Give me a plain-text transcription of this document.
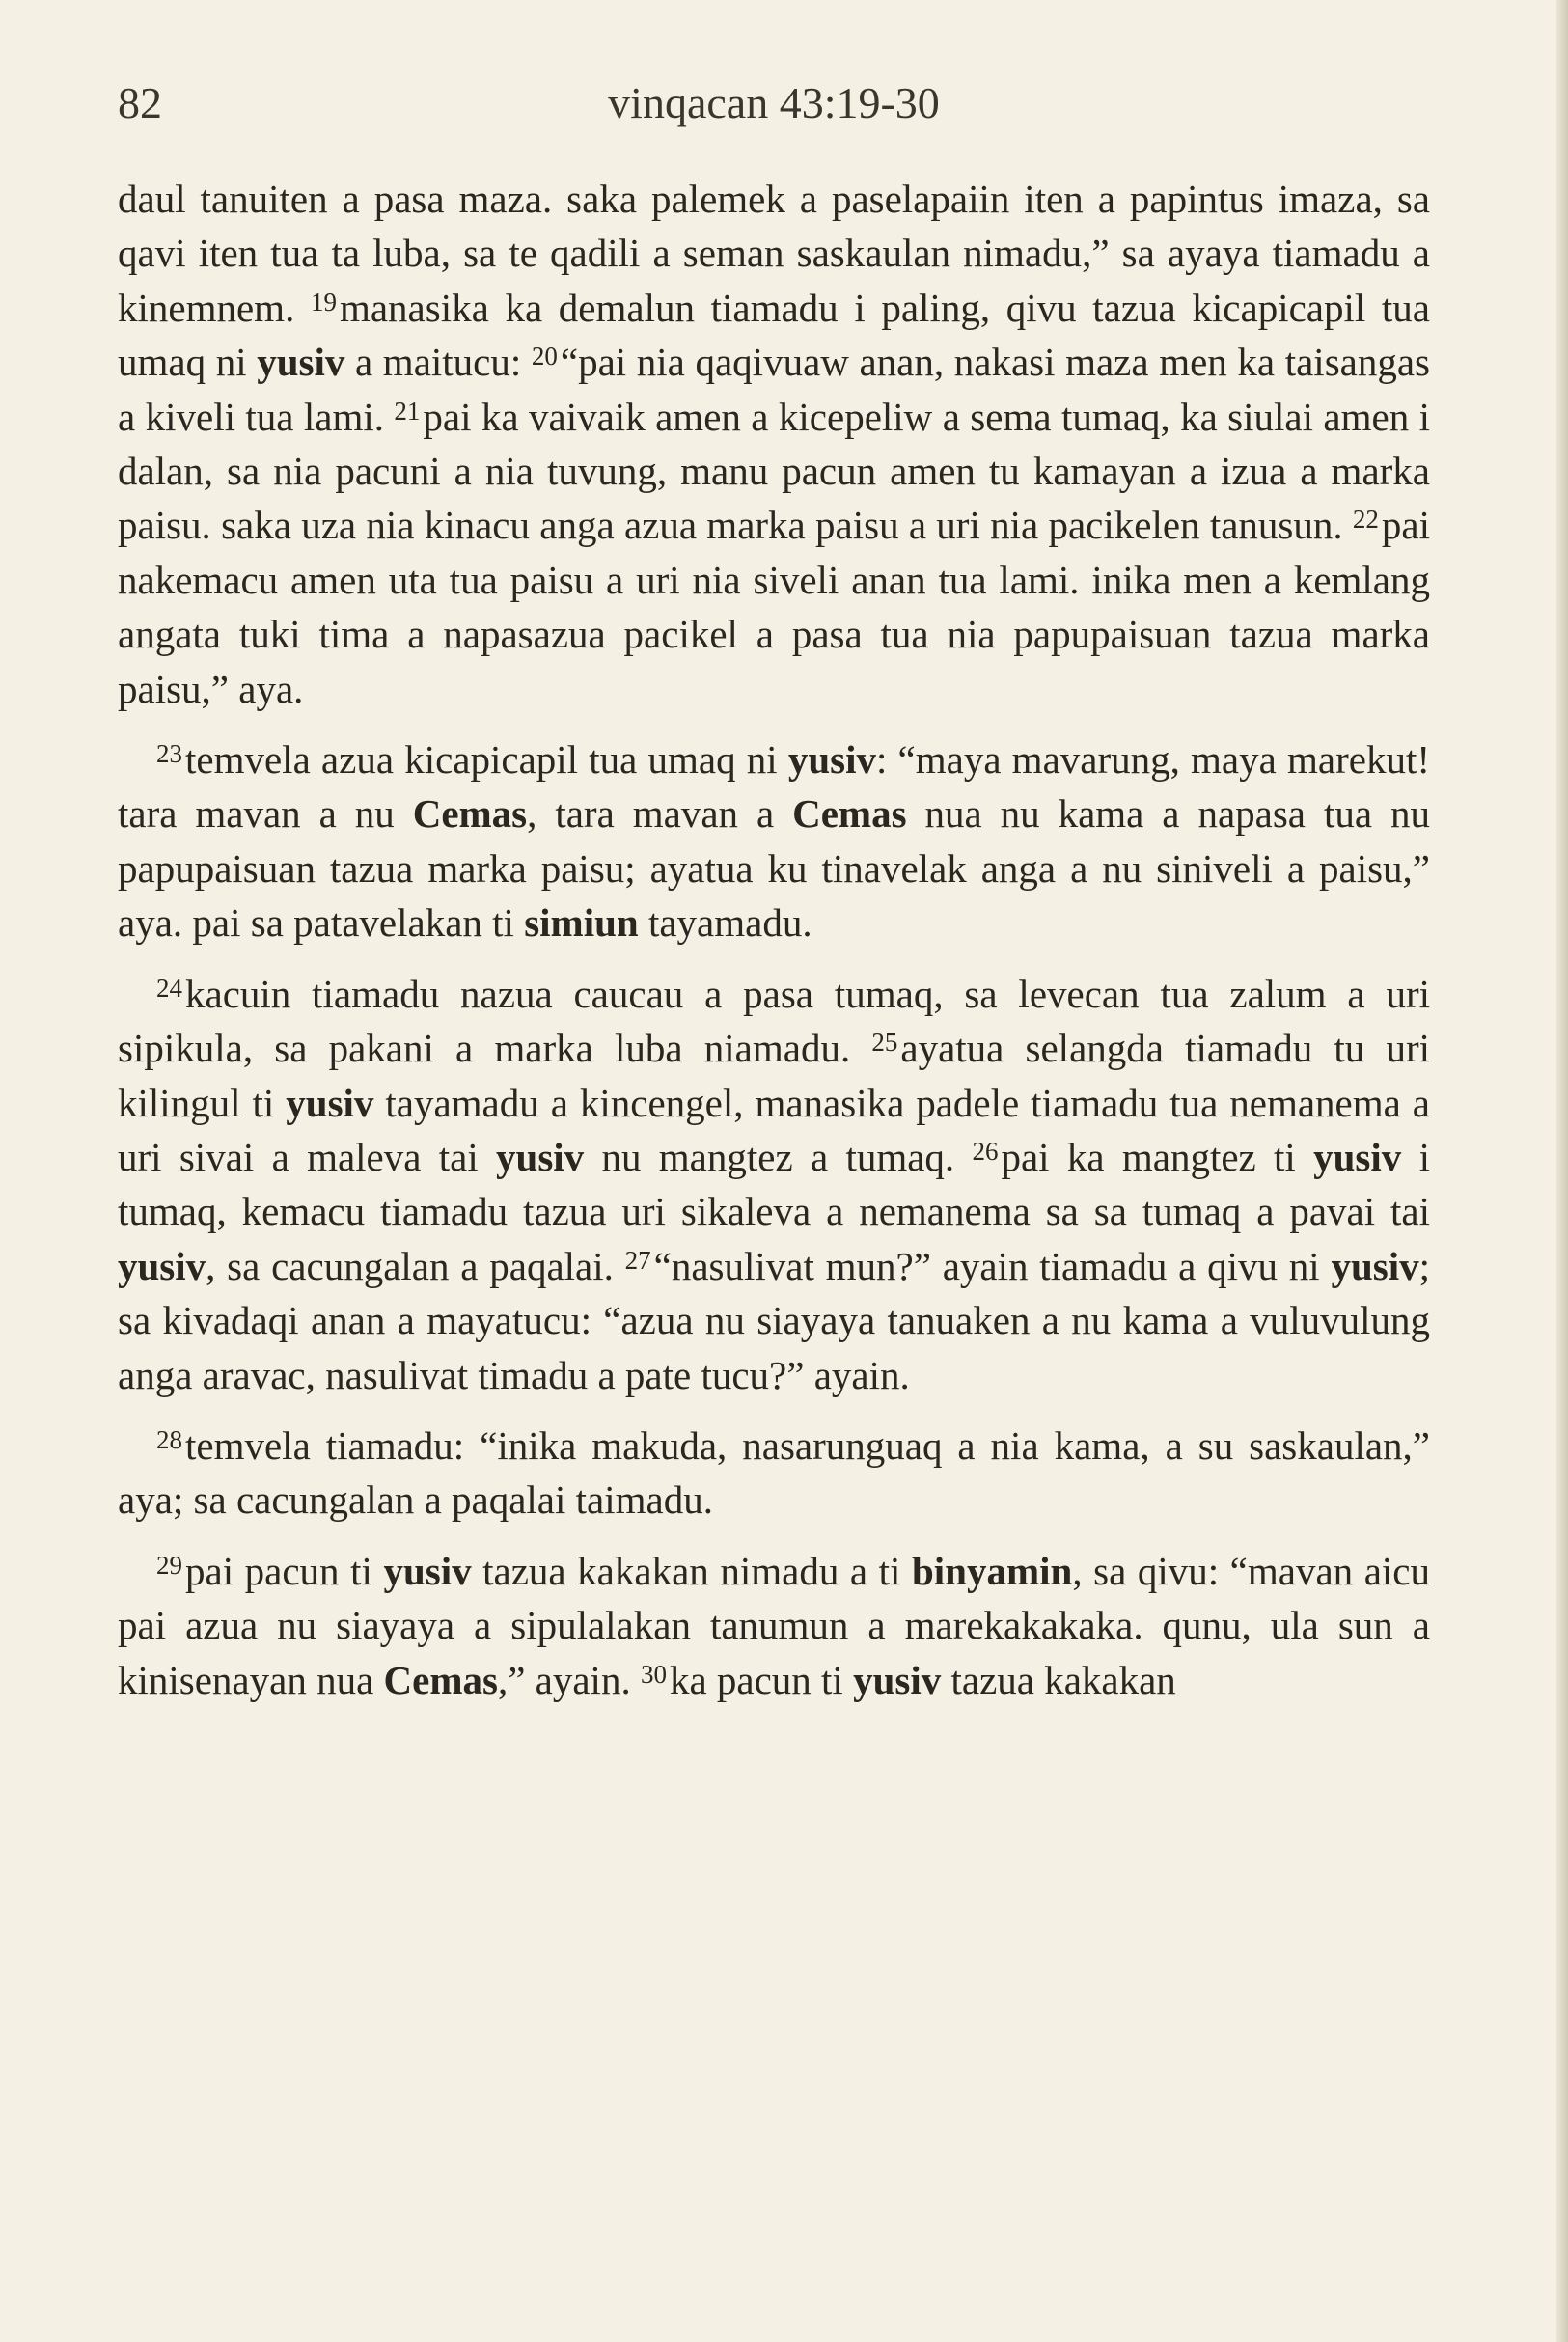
82	vinqacan 43:19-30

daul tanuiten a pasa maza. saka palemek a paselapaiin iten a papintus imaza, sa qavi iten tua ta luba, sa te qadili a seman saskaulan nimadu,” sa ayaya tiamadu a kinemnem. $^{19}$manasika ka demalun tiamadu i paling, qivu tazua kicapicapil tua umaq ni yusiv a maitucu: $^{20}$“pai nia qaqivuaw anan, nakasi maza men ka taisangas a kiveli tua lami. $^{21}$pai ka vaivaik amen a kicepeliw a sema tumaq, ka siulai amen i dalan, sa nia pacuni a nia tuvung, manu pacun amen tu kamayan a izua a marka paisu. saka uza nia kinacu anga azua marka paisu a uri nia pacikelen tanusun. $^{22}$pai nakemacu amen uta tua paisu a uri nia siveli anan tua lami. inika men a kemlang angata tuki tima a napasazua pacikel a pasa tua nia papupaisuan tazua marka paisu,” aya.

$^{23}$temvela azua kicapicapil tua umaq ni yusiv: “maya mavarung, maya marekut! tara mavan a nu Cemas, tara mavan a Cemas nua nu kama a napasa tua nu papupaisuan tazua marka paisu; ayatua ku tinavelak anga a nu siniveli a paisu,” aya. pai sa patavelakan ti simiun tayamadu.

$^{24}$kacuin tiamadu nazua caucau a pasa tumaq, sa levecan tua zalum a uri sipikula, sa pakani a marka luba niamadu. $^{25}$ayatua selangda tiamadu tu uri kilingul ti yusiv tayamadu a kincengel, manasika padele tiamadu tua nemanema a uri sivai a maleva tai yusiv nu mangtez a tumaq. $^{26}$pai ka mangtez ti yusiv i tumaq, kemacu tiamadu tazua uri sikaleva a nemanema sa sa tumaq a pavai tai yusiv, sa cacungalan a paqalai. $^{27}$“nasulivat mun?” ayain tiamadu a qivu ni yusiv; sa kivadaqi anan a mayatucu: “azua nu siayaya tanuaken a nu kama a vuluvulung anga aravac, nasulivat timadu a pate tucu?” ayain.

$^{28}$temvela tiamadu: “inika makuda, nasarunguaq a nia kama, a su saskaulan,” aya; sa cacungalan a paqalai taimadu.

$^{29}$pai pacun ti yusiv tazua kakakan nimadu a ti binyamin, sa qivu: “mavan aicu pai azua nu siayaya a sipulalakan tanumun a marekakakaka. qunu, ula sun a kinisenayan nua Cemas,” ayain. $^{30}$ka pacun ti yusiv tazua kakakan
